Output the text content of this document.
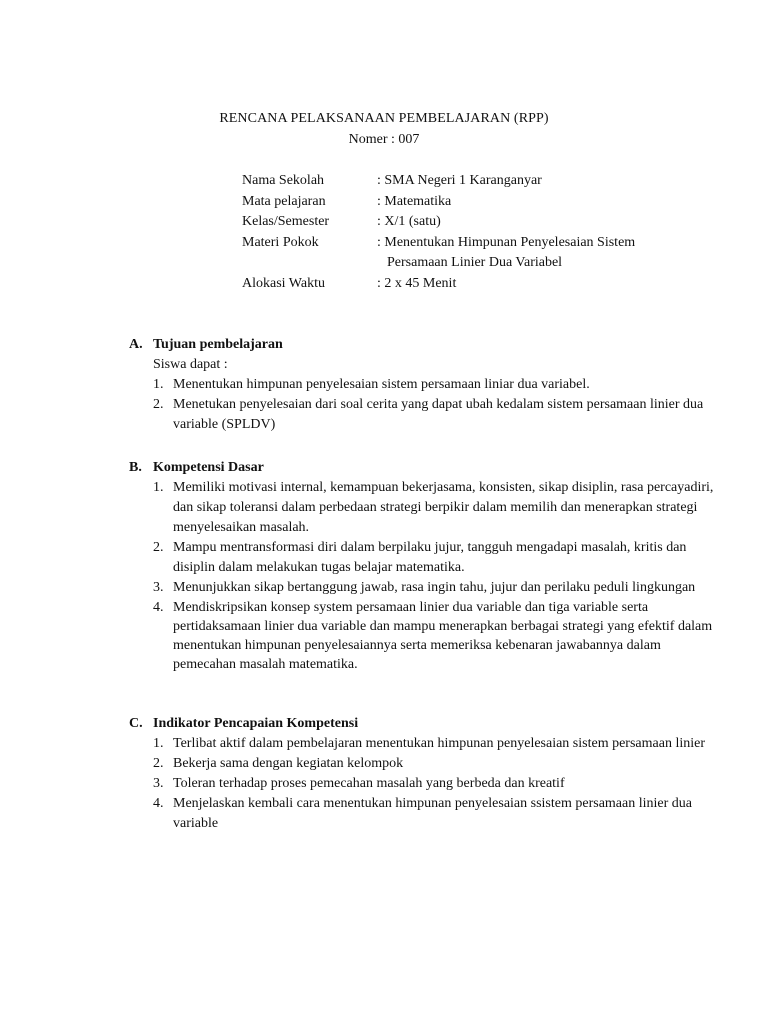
RENCANA PELAKSANAAN PEMBELAJARAN (RPP)
Nomer : 007
Nama Sekolah	: SMA Negeri 1 Karanganyar
Mata pelajaran	: Matematika
Kelas/Semester	: X/1 (satu)
Materi Pokok	: Menentukan Himpunan Penyelesaian Sistem
Persamaan Linier Dua Variabel
Alokasi Waktu	: 2 x 45 Menit
A. Tujuan pembelajaran
Siswa dapat :
1. Menentukan himpunan penyelesaian sistem persamaan liniar dua variabel.
2. Menetukan penyelesaian dari soal cerita yang dapat ubah kedalam sistem persamaan linier dua variable (SPLDV)
B. Kompetensi Dasar
1. Memiliki motivasi internal, kemampuan bekerjasama, konsisten, sikap disiplin, rasa percayadiri, dan sikap toleransi dalam perbedaan strategi berpikir dalam memilih dan menerapkan strategi menyelesaikan masalah.
2. Mampu mentransformasi diri dalam berpilaku jujur, tangguh mengadapi masalah, kritis dan disiplin dalam melakukan tugas belajar matematika.
3. Menunjukkan sikap bertanggung jawab, rasa ingin tahu, jujur dan perilaku peduli lingkungan
4. Mendiskripsikan konsep system persamaan linier dua variable dan tiga variable serta pertidaksamaan linier dua variable dan mampu menerapkan berbagai strategi yang efektif dalam menentukan himpunan penyelesaiannya serta memeriksa kebenaran jawabannya dalam pemecahan masalah matematika.
C. Indikator Pencapaian Kompetensi
1. Terlibat aktif dalam pembelajaran menentukan himpunan penyelesaian sistem persamaan linier
2. Bekerja sama dengan kegiatan kelompok
3. Toleran terhadap proses pemecahan masalah yang berbeda dan kreatif
4. Menjelaskan kembali cara menentukan himpunan penyelesaian ssistem persamaan linier dua variable
